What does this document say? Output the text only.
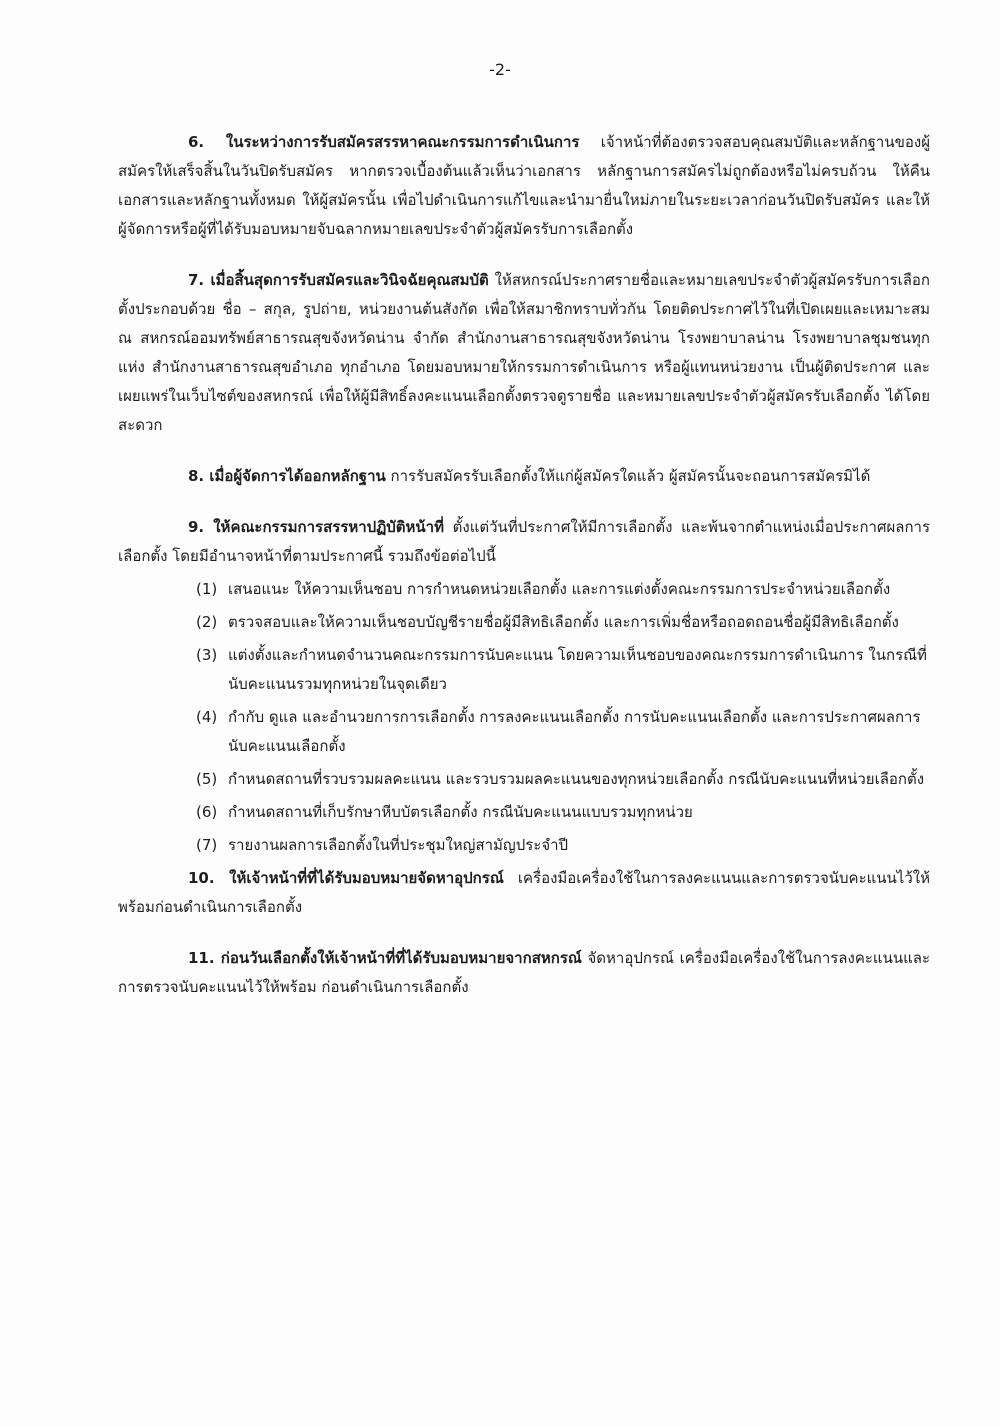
-2-

6. ในระหว่างการรับสมัครสรรหาคณะกรรมการดำเนินการ เจ้าหน้าที่ต้องตรวจสอบคุณสมบัติและหลักฐานของผู้สมัครให้เสร็จสิ้นในวันปิดรับสมัคร หากตรวจเบื้องต้นแล้วเห็นว่าเอกสาร หลักฐานการสมัครไม่ถูกต้องหรือไม่ครบถ้วน ให้คืนเอกสารและหลักฐานทั้งหมด ให้ผู้สมัครนั้น เพื่อไปดำเนินการแก้ไขและนำมายื่นใหม่ภายในระยะเวลาก่อนวันปิดรับสมัคร และให้ผู้จัดการหรือผู้ที่ได้รับมอบหมายจับฉลากหมายเลขประจำตัวผู้สมัครรับการเลือกตั้ง

7. เมื่อสิ้นสุดการรับสมัครและวินิจฉัยคุณสมบัติ ให้สหกรณ์ประกาศรายชื่อและหมายเลขประจำตัวผู้สมัครรับการเลือกตั้งประกอบด้วย ชื่อ – สกุล, รูปถ่าย, หน่วยงานต้นสังกัด เพื่อให้สมาชิกทราบทั่วกัน โดยติดประกาศไว้ในที่เปิดเผยและเหมาะสม ณ สหกรณ์ออมทรัพย์สาธารณสุขจังหวัดน่าน จำกัด สำนักงานสาธารณสุขจังหวัดน่าน โรงพยาบาลน่าน โรงพยาบาลชุมชนทุกแห่ง สำนักงานสาธารณสุขอำเภอ ทุกอำเภอ โดยมอบหมายให้กรรมการดำเนินการ หรือผู้แทนหน่วยงาน เป็นผู้ติดประกาศ และเผยแพร่ในเว็บไซต์ของสหกรณ์ เพื่อให้ผู้มีสิทธิ์ลงคะแนนเลือกตั้งตรวจดูรายชื่อ และหมายเลขประจำตัวผู้สมัครรับเลือกตั้ง ได้โดยสะดวก

8. เมื่อผู้จัดการได้ออกหลักฐาน การรับสมัครรับเลือกตั้งให้แก่ผู้สมัครใดแล้ว ผู้สมัครนั้นจะถอนการสมัครมิได้

9. ให้คณะกรรมการสรรหาปฏิบัติหน้าที่ ตั้งแต่วันที่ประกาศให้มีการเลือกตั้ง และพ้นจากตำแหน่งเมื่อประกาศผลการเลือกตั้ง โดยมีอำนาจหน้าที่ตามประกาศนี้ รวมถึงข้อต่อไปนี้

(1) เสนอแนะ ให้ความเห็นชอบ การกำหนดหน่วยเลือกตั้ง และการแต่งตั้งคณะกรรมการประจำหน่วยเลือกตั้ง
(2) ตรวจสอบและให้ความเห็นชอบบัญชีรายชื่อผู้มีสิทธิเลือกตั้ง และการเพิ่มชื่อหรือถอดถอนชื่อผู้มีสิทธิเลือกตั้ง
(3) แต่งตั้งและกำหนดจำนวนคณะกรรมการนับคะแนน โดยความเห็นชอบของคณะกรรมการดำเนินการ ในกรณีที่นับคะแนนรวมทุกหน่วยในจุดเดียว
(4) กำกับ ดูแล และอำนวยการการเลือกตั้ง การลงคะแนนเลือกตั้ง การนับคะแนนเลือกตั้ง และการประกาศผลการนับคะแนนเลือกตั้ง
(5) กำหนดสถานที่รวบรวมผลคะแนน และรวบรวมผลคะแนนของทุกหน่วยเลือกตั้ง กรณีนับคะแนนที่หน่วยเลือกตั้ง
(6) กำหนดสถานที่เก็บรักษาหีบบัตรเลือกตั้ง กรณีนับคะแนนแบบรวมทุกหน่วย
(7) รายงานผลการเลือกตั้งในที่ประชุมใหญ่สามัญประจำปี

10. ให้เจ้าหน้าที่ที่ได้รับมอบหมายจัดหาอุปกรณ์ เครื่องมือเครื่องใช้ในการลงคะแนนและการตรวจนับคะแนนไว้ให้พร้อมก่อนดำเนินการเลือกตั้ง

11. ก่อนวันเลือกตั้งให้เจ้าหน้าที่ที่ได้รับมอบหมายจากสหกรณ์ จัดหาอุปกรณ์ เครื่องมือเครื่องใช้ในการลงคะแนนและการตรวจนับคะแนนไว้ให้พร้อม ก่อนดำเนินการเลือกตั้ง
